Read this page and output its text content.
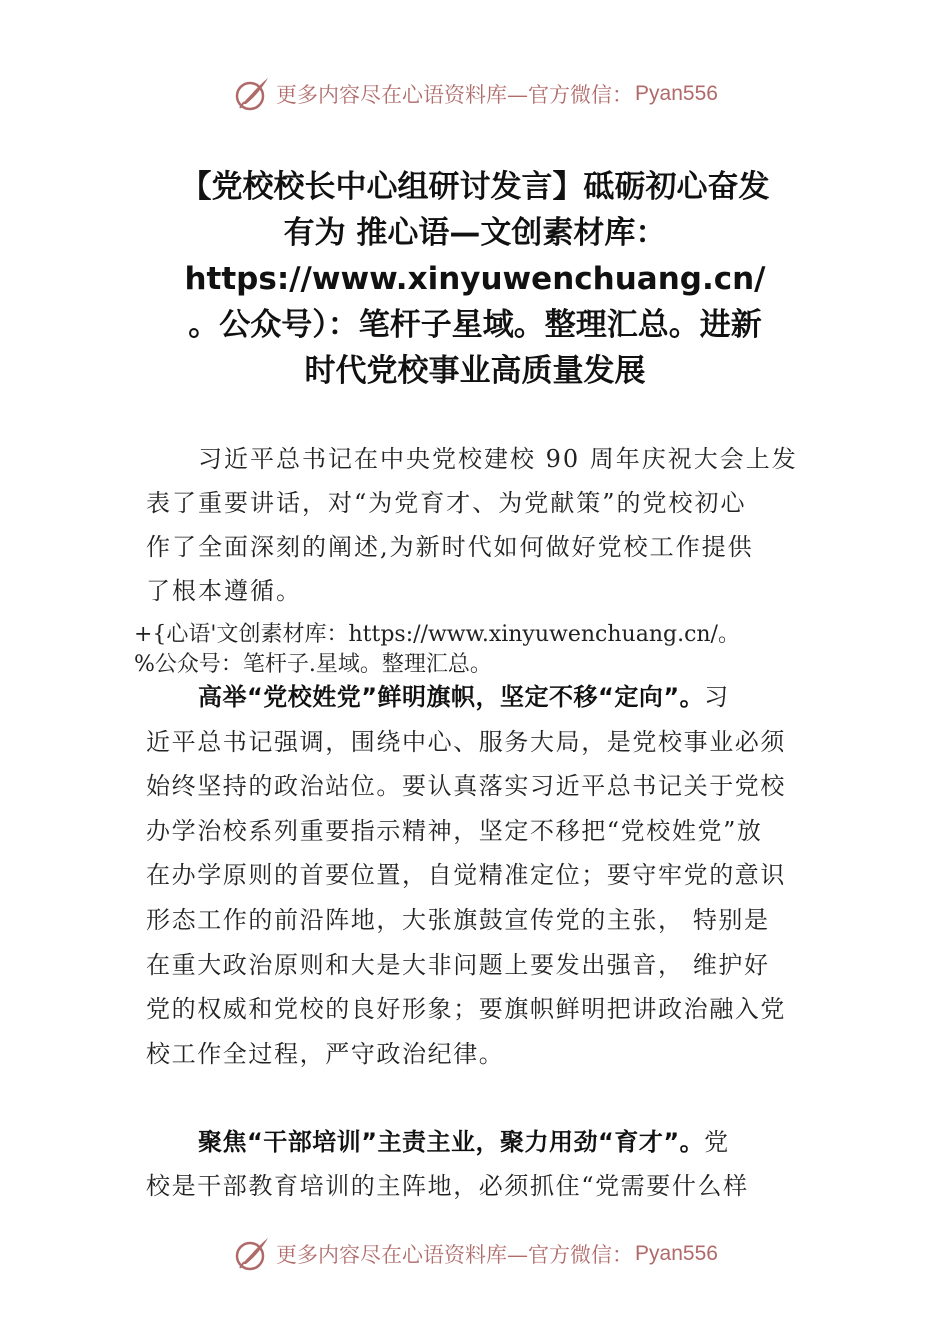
更多内容尽在心语资料库—官方微信： Pyan556
【党校校长中心组研讨发言】砥砺初心奋发
有为 推心语—文创素材库：
https://www.xinyuwenchuang.cn/
。公众号）：笔杆子星域。整理汇总。进新
时代党校事业高质量发展
习近平总书记在中央党校建校 90 周年庆祝大会上发
表了重要讲话，对“为党育才、为党献策”的党校初心
作了全面深刻的阐述,为新时代如何做好党校工作提供
了根本遵循。
+{心语'文创素材库：https://www.xinyuwenchuang.cn/。
%公众号：笔杆子.星域。整理汇总。
高举“党校姓党”鲜明旗帜，坚定不移“定向”。习
近平总书记强调，围绕中心、服务大局，是党校事业必须
始终坚持的政治站位。要认真落实习近平总书记关于党校
办学治校系列重要指示精神，坚定不移把“党校姓党”放
在办学原则的首要位置，自觉精准定位；要守牢党的意识
形态工作的前沿阵地，大张旗鼓宣传党的主张， 特别是
在重大政治原则和大是大非问题上要发出强音， 维护好
党的权威和党校的良好形象；要旗帜鲜明把讲政治融入党
校工作全过程，严守政治纪律。
聚焦“干部培训”主责主业，聚力用劲“育才”。党
校是干部教育培训的主阵地，必须抓住“党需要什么样
更多内容尽在心语资料库—官方微信： Pyan556
